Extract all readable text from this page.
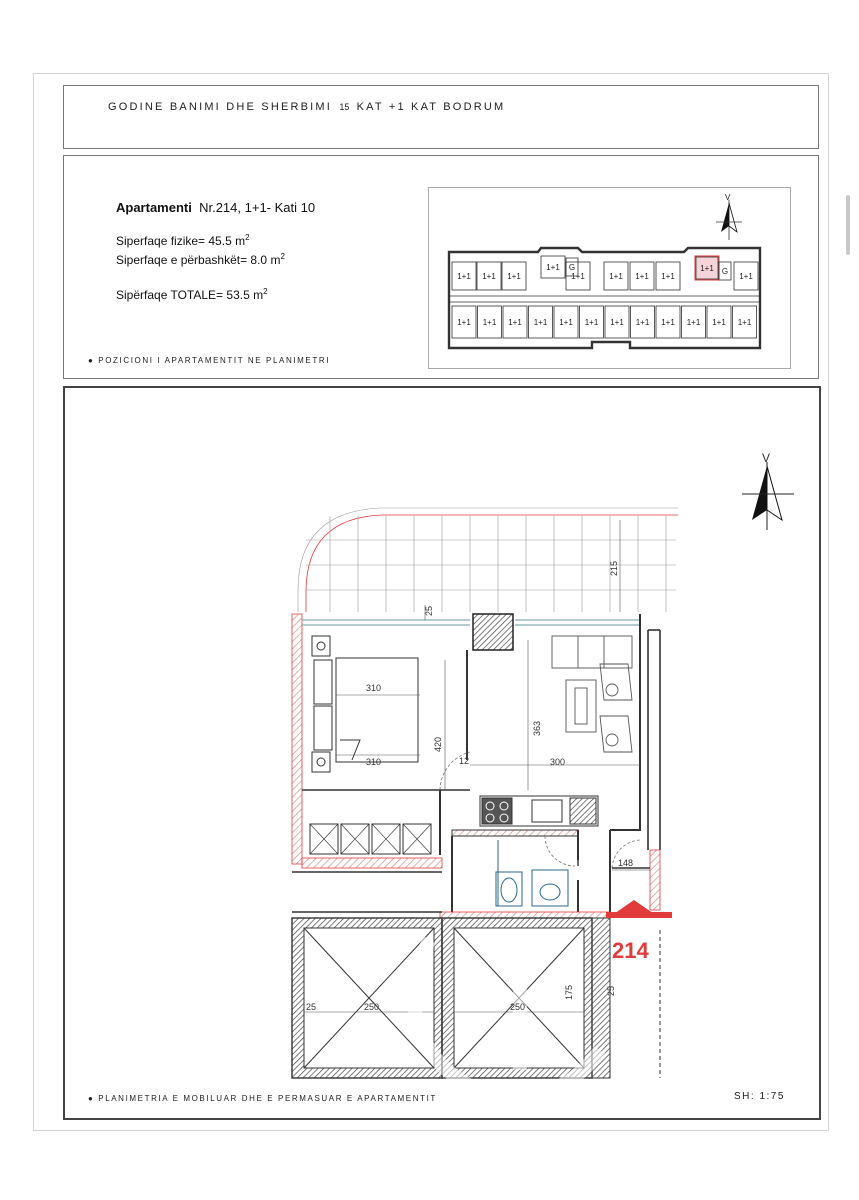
GODINE BANIMI DHE SHERBIMI 15 KAT +1 KAT BODRUM
Apartamenti Nr.214, 1+1- Kati 10
Siperfaqe fizike= 45.5 $m^2$
Siperfaqe e përbashkët= 8.0 $m^2$
Sipërfaqe TOTALE= 53.5 $m^2$
● POZICIONI I APARTAMENTIT NE PLANIMETRI
1+1 1+1 1+1	1+1	1+1 1+1 1+1
1+1 G	1+1 G
1+1
1+1 1+1 1+1 1+1 1+1 1+1 1+1 1+1 1+1 1+1 1+1 1+1
V
V
215
25
310
310
420
363
12	300
148
25	250	250
175	25
214
● PLANIMETRIA E MOBILUAR DHE E PERMASUAR E APARTAMENTIT	SH: 1:75
